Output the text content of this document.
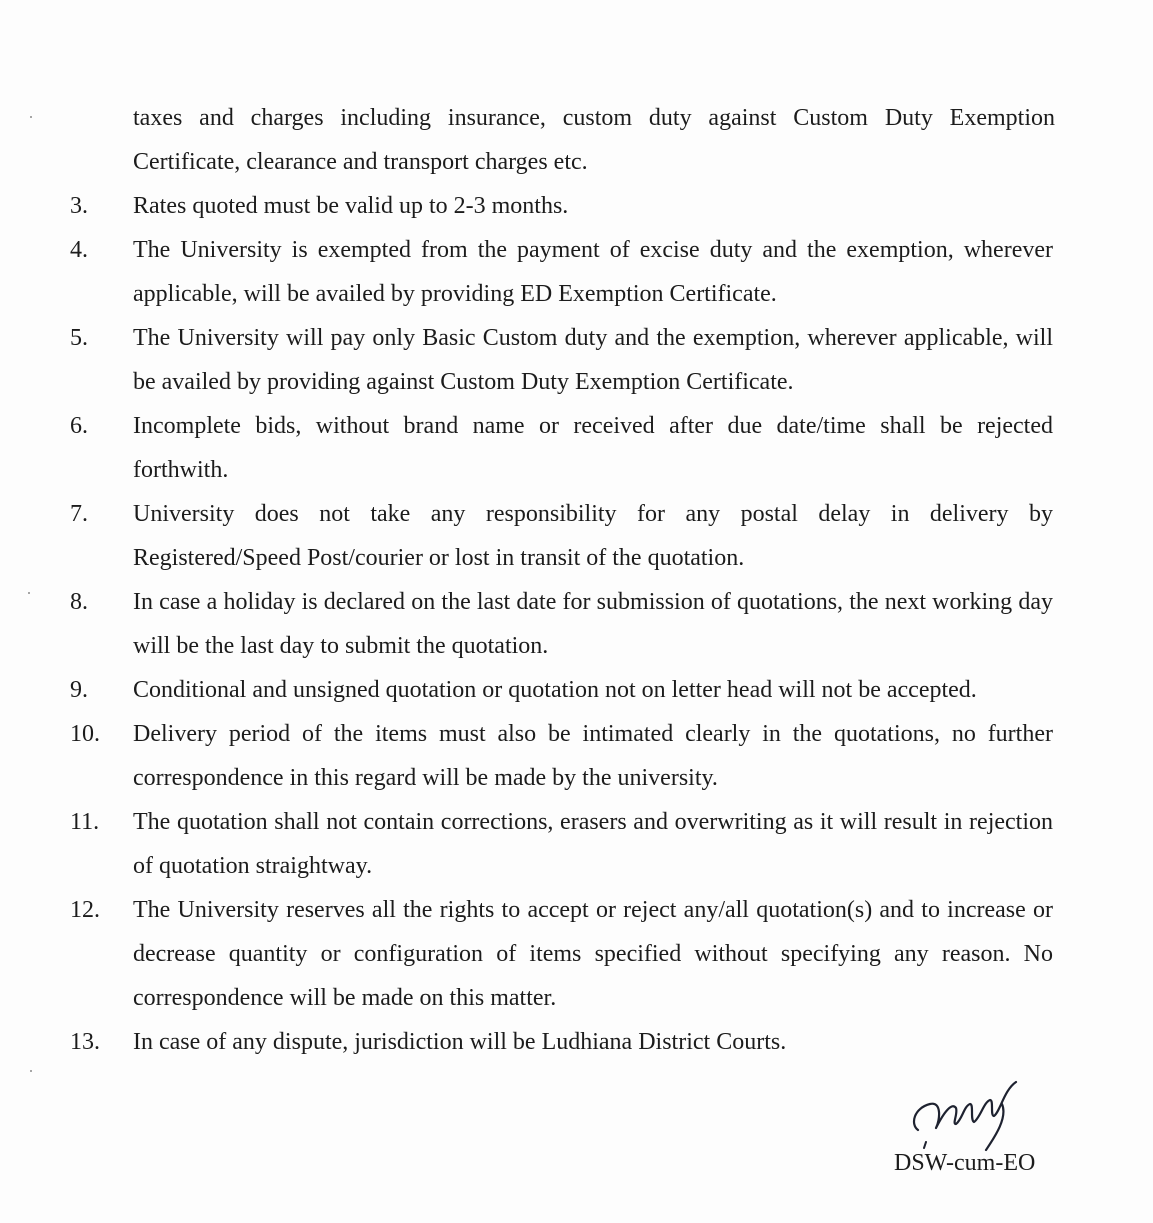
taxes and charges including insurance, custom duty against Custom Duty Exemption Certificate, clearance and transport charges etc.
3.	Rates quoted must be valid up to 2-3 months.
4.	The University is exempted from the payment of excise duty and the exemption, wherever applicable, will be availed by providing ED Exemption Certificate.
5.	The University will pay only Basic Custom duty and the exemption, wherever applicable, will be availed by providing against Custom Duty Exemption Certificate.
6.	Incomplete bids, without brand name or received after due date/time shall be rejected forthwith.
7.	University does not take any responsibility for any postal delay in delivery by Registered/Speed Post/courier or lost in transit of the quotation.
8.	In case a holiday is declared on the last date for submission of quotations, the next working day will be the last day to submit the quotation.
9.	Conditional and unsigned quotation or quotation not on letter head will not be accepted.
10.	Delivery period of the items must also be intimated clearly in the quotations, no further correspondence in this regard will be made by the university.
11.	The quotation shall not contain corrections, erasers and overwriting as it will result in rejection of quotation straightway.
12.	The University reserves all the rights to accept or reject any/all quotation(s) and to increase or decrease quantity or configuration of items specified without specifying any reason. No correspondence will be made on this matter.
13.	In case of any dispute, jurisdiction will be Ludhiana District Courts.
DSW-cum-EO
